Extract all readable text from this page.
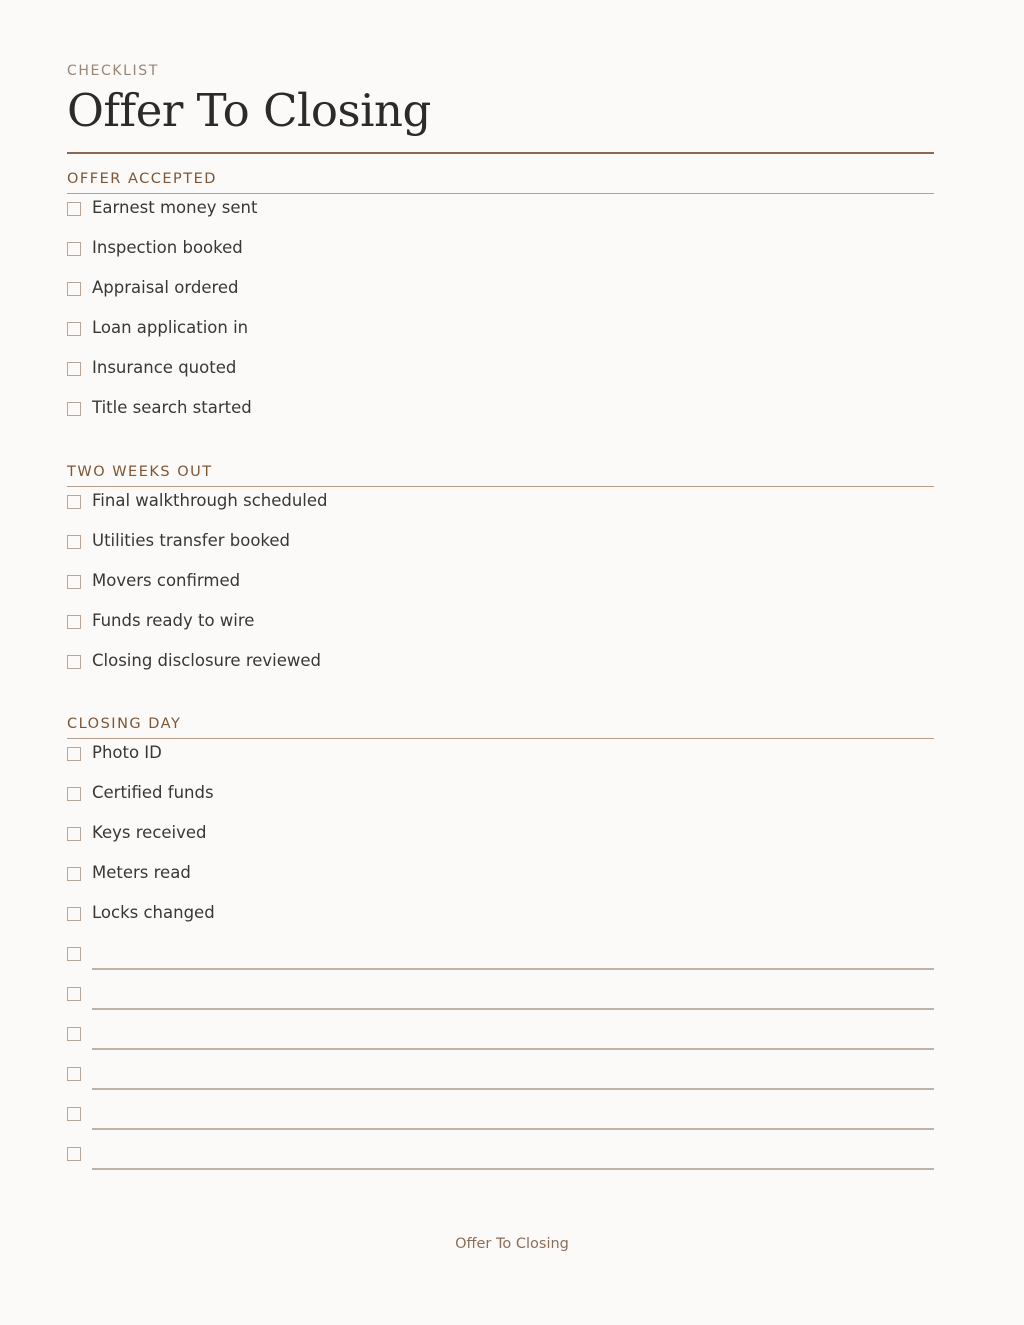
CHECKLIST
Offer To Closing
OFFER ACCEPTED
Earnest money sent
Inspection booked
Appraisal ordered
Loan application in
Insurance quoted
Title search started
TWO WEEKS OUT
Final walkthrough scheduled
Utilities transfer booked
Movers confirmed
Funds ready to wire
Closing disclosure reviewed
CLOSING DAY
Photo ID
Certified funds
Keys received
Meters read
Locks changed
Offer To Closing
